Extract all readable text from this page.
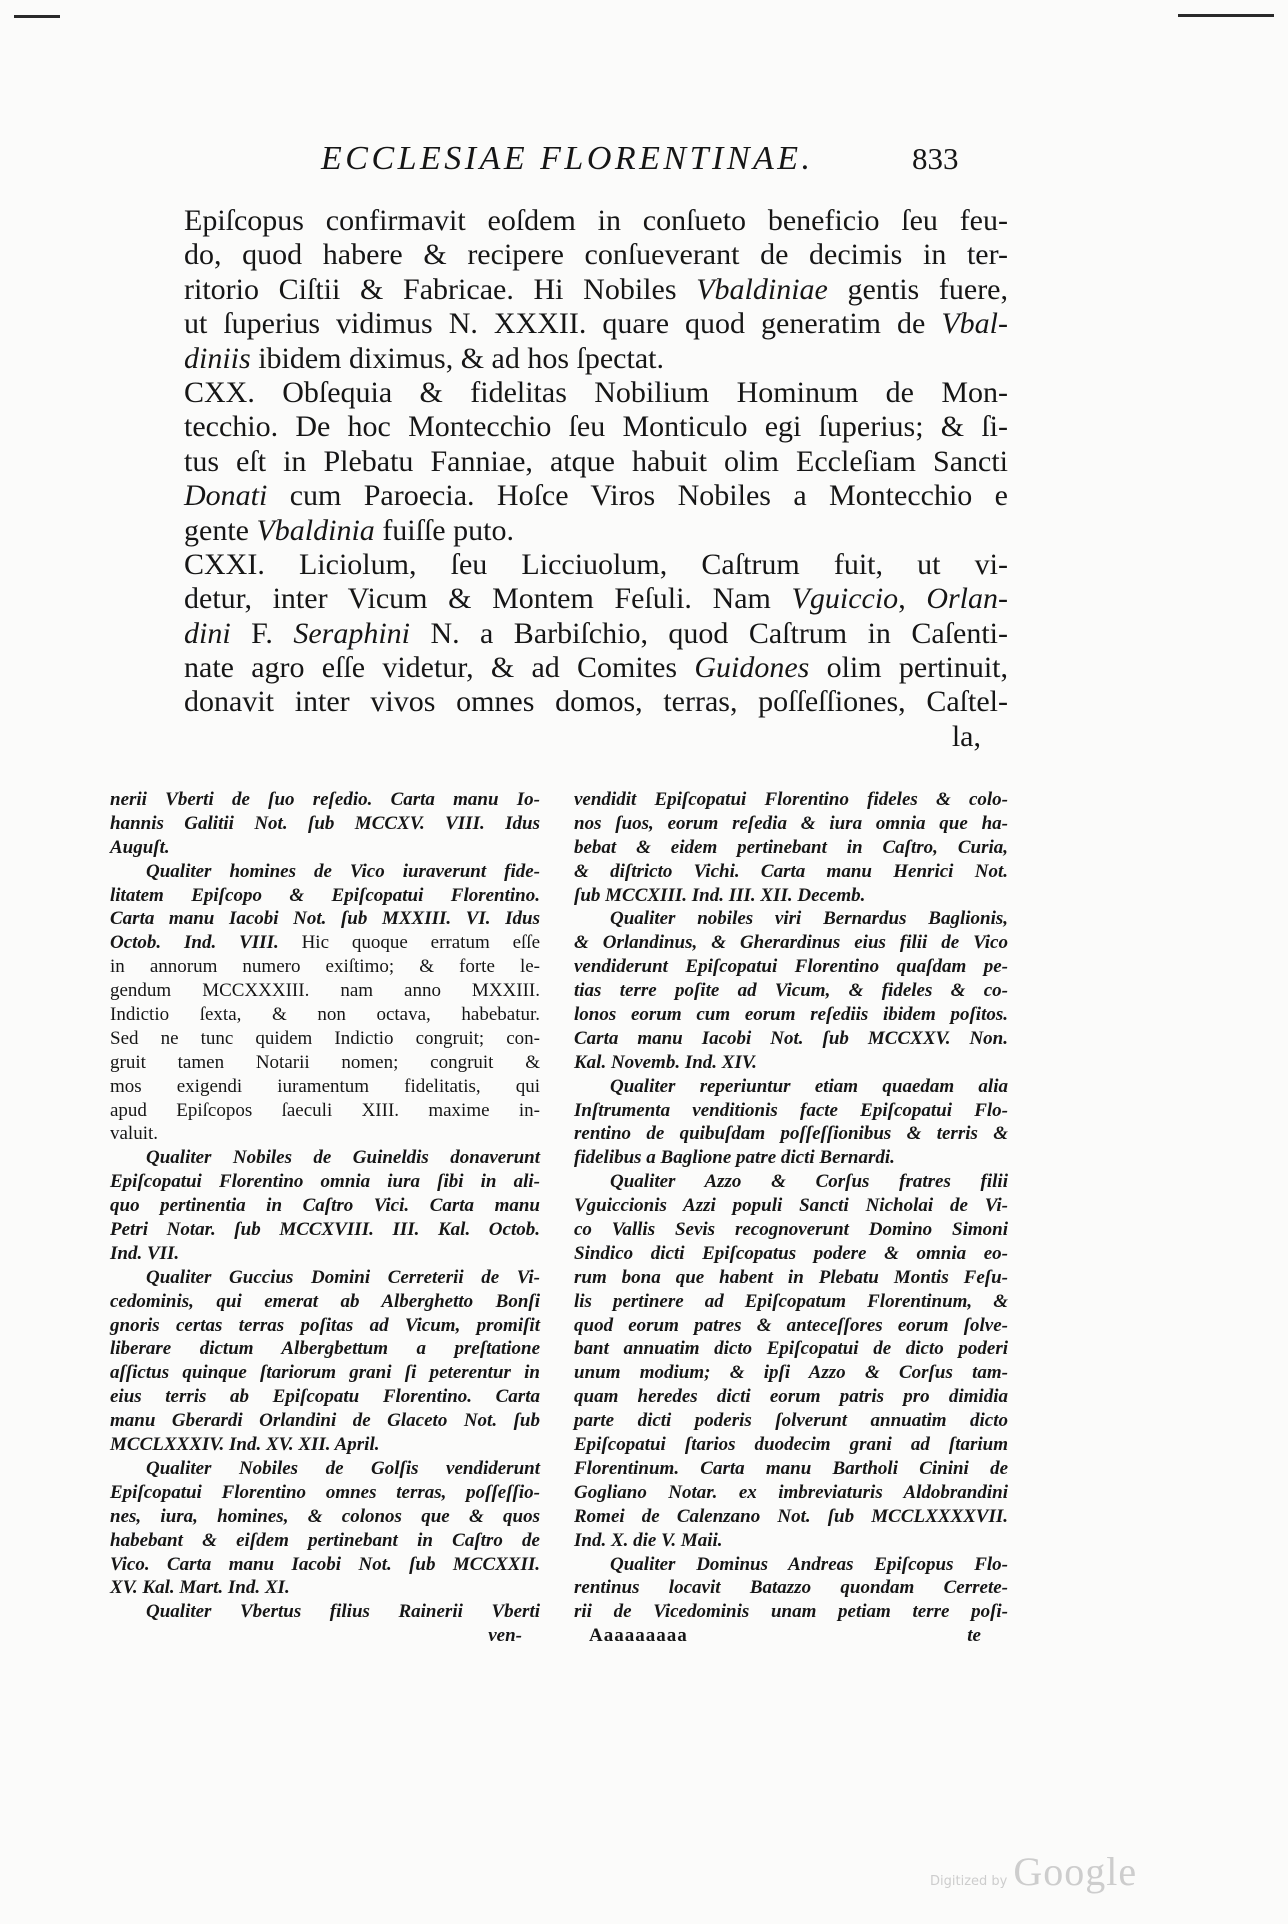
ECCLESIAE FLORENTINAE.	833
Epiſcopus confirmavit eoſdem in conſueto beneficio ſeu feu-
do, quod habere & recipere conſueverant de decimis in ter-
ritorio Ciſtii & Fabricae. Hi Nobiles Vbaldiniae gentis fuere,
ut ſuperius vidimus N. XXXII. quare quod generatim de Vbal-
diniis ibidem diximus, & ad hos ſpectat.
CXX. Obſequia & fidelitas Nobilium Hominum de Mon-
tecchio. De hoc Montecchio ſeu Monticulo egi ſuperius; & ſi-
tus eſt in Plebatu Fanniae, atque habuit olim Eccleſiam Sancti
Donati cum Paroecia. Hoſce Viros Nobiles a Montecchio e
gente Vbaldinia fuiſſe puto.
CXXI. Liciolum, ſeu Licciuolum, Caſtrum fuit, ut vi-
detur, inter Vicum & Montem Feſuli. Nam Vguiccio, Orlan-
dini F. Seraphini N. a Barbiſchio, quod Caſtrum in Caſenti-
nate agro eſſe videtur, & ad Comites Guidones olim pertinuit,
donavit inter vivos omnes domos, terras, poſſeſſiones, Caſtel-
la,
nerii Vberti de ſuo reſedio. Carta manu Io-
hannis Galitii Not. ſub MCCXV. VIII. Idus
Auguſt.
Qualiter homines de Vico iuraverunt fide-
litatem Epiſcopo & Epiſcopatui Florentino.
Carta manu Iacobi Not. ſub MXXIII. VI. Idus
Octob. Ind. VIII. Hic quoque erratum eſſe
in annorum numero exiſtimo; & forte le-
gendum MCCXXXIII. nam anno MXXIII.
Indictio ſexta, & non octava, habebatur.
Sed ne tunc quidem Indictio congruit; con-
gruit tamen Notarii nomen; congruit &
mos exigendi iuramentum fidelitatis, qui
apud Epiſcopos ſaeculi XIII. maxime in-
valuit.
Qualiter Nobiles de Guineldis donaverunt
Epiſcopatui Florentino omnia iura ſibi in ali-
quo pertinentia in Caſtro Vici. Carta manu
Petri Notar. ſub MCCXVIII. III. Kal. Octob.
Ind. VII.
Qualiter Guccius Domini Cerreterii de Vi-
cedominis, qui emerat ab Alberghetto Bonſi
gnoris certas terras poſitas ad Vicum, promiſit
liberare dictum Albergbettum a preſtatione
aſſictus quinque ſtariorum grani ſi peterentur in
eius terris ab Epiſcopatu Florentino. Carta
manu Gberardi Orlandini de Glaceto Not. ſub
MCCLXXXIV. Ind. XV. XII. April.
Qualiter Nobiles de Golſis vendiderunt
Epiſcopatui Florentino omnes terras, poſſeſſio-
nes, iura, homines, & colonos que & quos
habebant & eiſdem pertinebant in Caſtro de
Vico. Carta manu Iacobi Not. ſub MCCXXII.
XV. Kal. Mart. Ind. XI.
Qualiter Vbertus filius Rainerii Vberti
ven-
vendidit Epiſcopatui Florentino fideles & colo-
nos ſuos, eorum reſedia & iura omnia que ha-
bebat & eidem pertinebant in Caſtro, Curia,
& diſtricto Vichi. Carta manu Henrici Not.
ſub MCCXIII. Ind. III. XII. Decemb.
Qualiter nobiles viri Bernardus Baglionis,
& Orlandinus, & Gherardinus eius filii de Vico
vendiderunt Epiſcopatui Florentino quaſdam pe-
tias terre poſite ad Vicum, & fideles & co-
lonos eorum cum eorum reſediis ibidem poſitos.
Carta manu Iacobi Not. ſub MCCXXV. Non.
Kal. Novemb. Ind. XIV.
Qualiter reperiuntur etiam quaedam alia
Inſtrumenta venditionis facte Epiſcopatui Flo-
rentino de quibuſdam poſſeſſionibus & terris &
fidelibus a Baglione patre dicti Bernardi.
Qualiter Azzo & Corſus fratres filii
Vguiccionis Azzi populi Sancti Nicholai de Vi-
co Vallis Sevis recognoverunt Domino Simoni
Sindico dicti Epiſcopatus podere & omnia eo-
rum bona que habent in Plebatu Montis Feſu-
lis pertinere ad Epiſcopatum Florentinum, &
quod eorum patres & anteceſſores eorum ſolve-
bant annuatim dicto Epiſcopatui de dicto poderi
unum modium; & ipſi Azzo & Corſus tam-
quam heredes dicti eorum patris pro dimidia
parte dicti poderis ſolverunt annuatim dicto
Epiſcopatui ſtarios duodecim grani ad ſtarium
Florentinum. Carta manu Bartholi Cinini de
Gogliano Notar. ex imbreviaturis Aldobrandini
Romei de Calenzano Not. ſub MCCLXXXXVII.
Ind. X. die V. Maii.
Qualiter Dominus Andreas Epiſcopus Flo-
rentinus locavit Batazzo quondam Cerrete-
rii de Vicedominis unam petiam terre poſi-
Aaaaaaaaa	te
Digitized by Google
